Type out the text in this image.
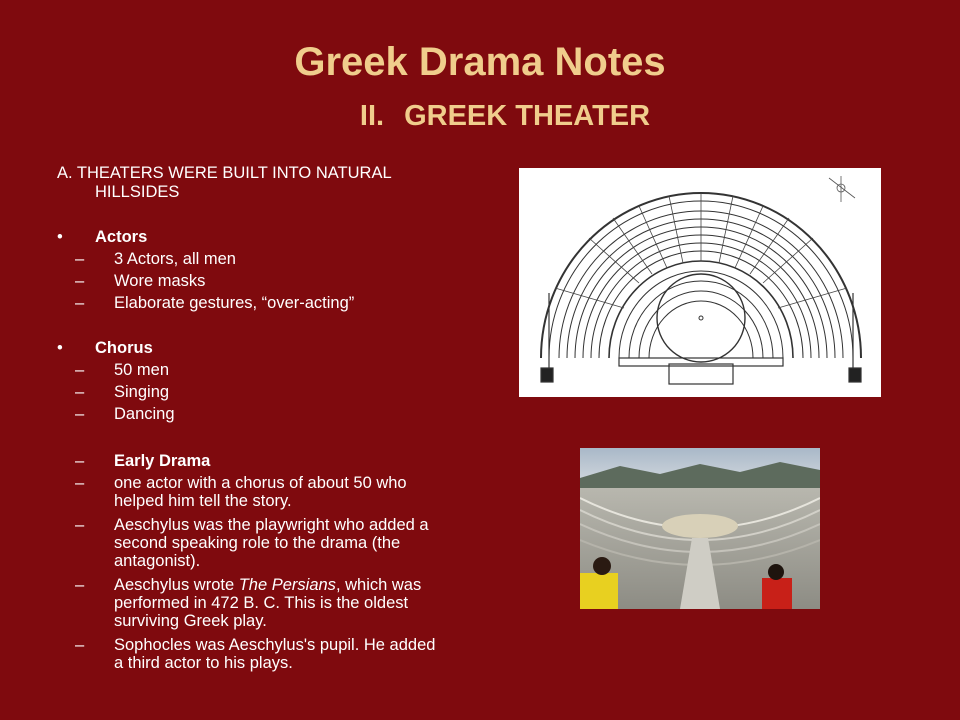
Greek Drama Notes
II. GREEK THEATER
A. THEATERS WERE BUILT INTO NATURAL
HILLSIDES
• Actors
– 3 Actors, all men
– Wore masks
– Elaborate gestures, “over-acting”
• Chorus
– 50 men
– Singing
– Dancing
– Early Drama
– one actor with a chorus of about 50 who
helped him tell the story.
– Aeschylus was the playwright who added a
second speaking role to the drama (the
antagonist).
– Aeschylus wrote The Persians, which was
performed in 472 B. C. This is the oldest
surviving Greek play.
– Sophocles was Aeschylus's pupil. He added
a third actor to his plays.
